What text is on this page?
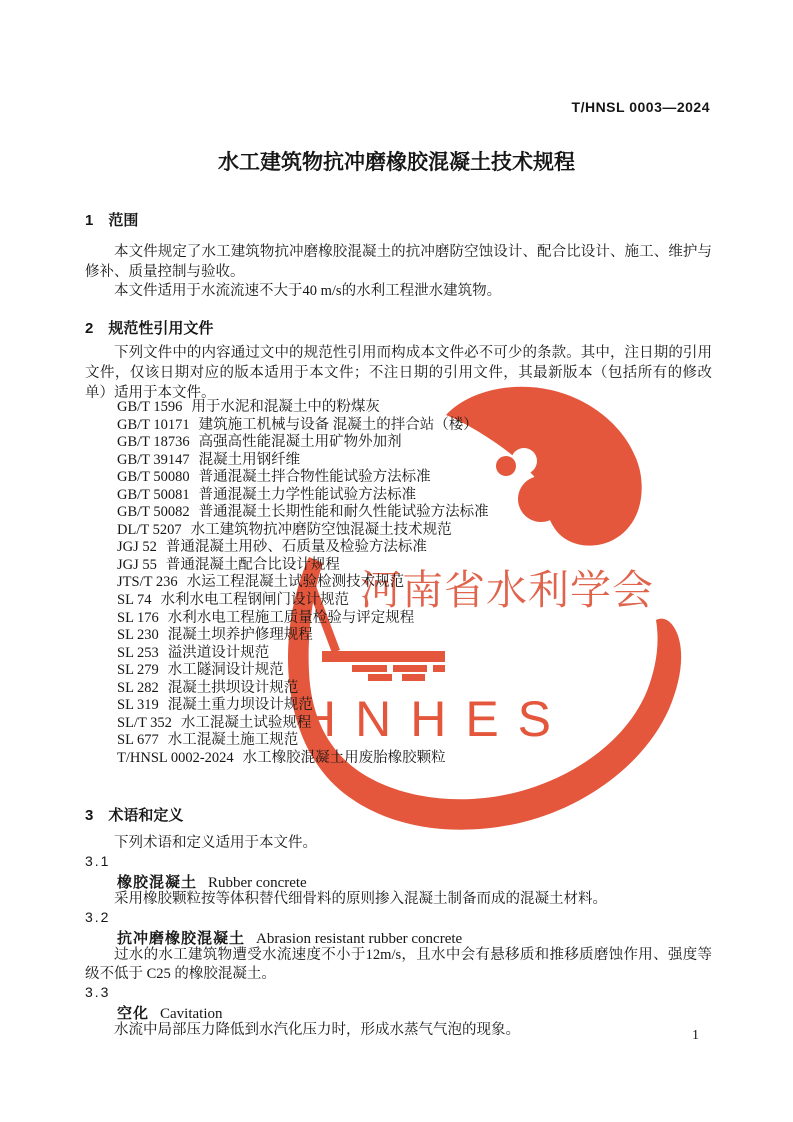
河南省水利学会
HNHES
T/HNSL 0003—2024
水工建筑物抗冲磨橡胶混凝土技术规程
1 范围

本文件规定了水工建筑物抗冲磨橡胶混凝土的抗冲磨防空蚀设计、配合比设计、施工、维护与修补、质量控制与验收。

本文件适用于水流流速不大于40 m/s的水利工程泄水建筑物。

2 规范性引用文件

下列文件中的内容通过文中的规范性引用而构成本文件必不可少的条款。其中，注日期的引用文件，仅该日期对应的版本适用于本文件；不注日期的引用文件，其最新版本（包括所有的修改单）适用于本文件。

GB/T 1596 用于水泥和混凝土中的粉煤灰
GB/T 10171 建筑施工机械与设备 混凝土的拌合站（楼）
GB/T 18736 高强高性能混凝土用矿物外加剂
GB/T 39147 混凝土用钢纤维
GB/T 50080 普通混凝土拌合物性能试验方法标准
GB/T 50081 普通混凝土力学性能试验方法标准
GB/T 50082 普通混凝土长期性能和耐久性能试验方法标准
DL/T 5207 水工建筑物抗冲磨防空蚀混凝土技术规范
JGJ 52 普通混凝土用砂、石质量及检验方法标准
JGJ 55 普通混凝土配合比设计规程
JTS/T 236 水运工程混凝土试验检测技术规范
SL 74 水利水电工程钢闸门设计规范
SL 176 水利水电工程施工质量检验与评定规程
SL 230 混凝土坝养护修理规程
SL 253 溢洪道设计规范
SL 279 水工隧洞设计规范
SL 282 混凝土拱坝设计规范
SL 319 混凝土重力坝设计规范
SL/T 352 水工混凝土试验规程
SL 677 水工混凝土施工规范
T/HNSL 0002-2024 水工橡胶混凝土用废胎橡胶颗粒
3 术语和定义

下列术语和定义适用于本文件。

3.1
橡胶混凝土 Rubber concrete

采用橡胶颗粒按等体积替代细骨料的原则掺入混凝土制备而成的混凝土材料。

3.2
抗冲磨橡胶混凝土 Abrasion resistant rubber concrete

过水的水工建筑物遭受水流速度不小于12m/s，且水中会有悬移质和推移质磨蚀作用、强度等级不低于 C25 的橡胶混凝土。

3.3
空化 Cavitation

水流中局部压力降低到水汽化压力时，形成水蒸气气泡的现象。	1
